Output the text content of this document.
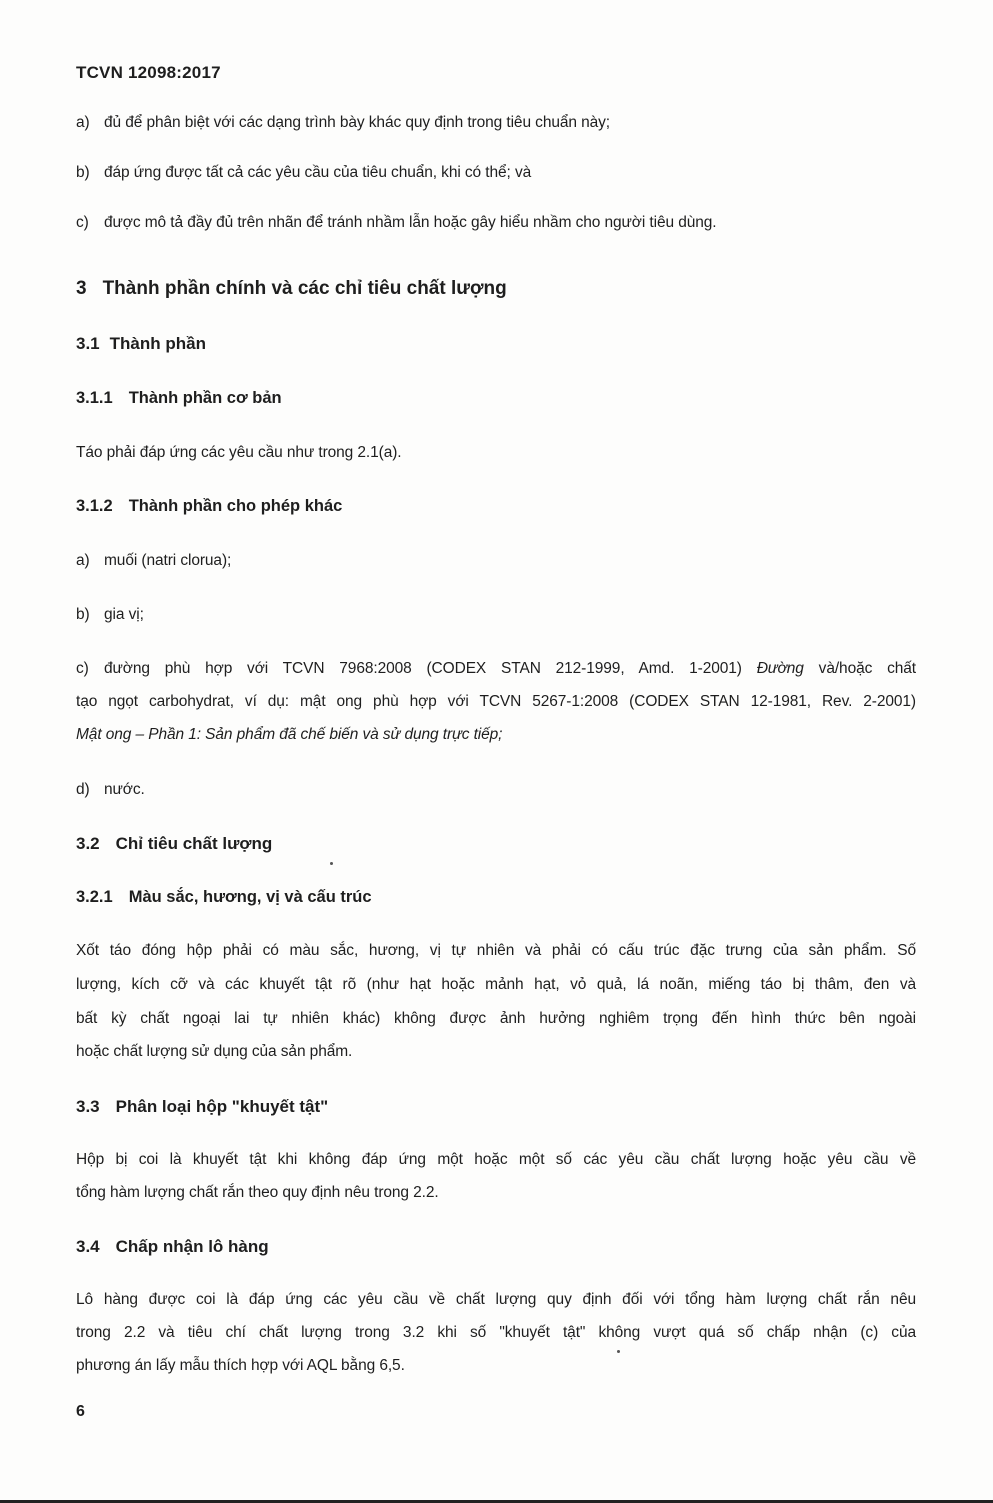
TCVN 12098:2017
a) đủ để phân biệt với các dạng trình bày khác quy định trong tiêu chuẩn này;
b) đáp ứng được tất cả các yêu cầu của tiêu chuẩn, khi có thể; và
c) được mô tả đầy đủ trên nhãn để tránh nhầm lẫn hoặc gây hiểu nhầm cho người tiêu dùng.
3 Thành phần chính và các chỉ tiêu chất lượng
3.1 Thành phần
3.1.1 Thành phần cơ bản
Táo phải đáp ứng các yêu cầu như trong 2.1(a).
3.1.2 Thành phần cho phép khác
a) muối (natri clorua);
b) gia vị;
c) đường phù hợp với TCVN 7968:2008 (CODEX STAN 212-1999, Amd. 1-2001) Đường và/hoặc chất
tạo ngọt carbohydrat, ví dụ: mật ong phù hợp với TCVN 5267-1:2008 (CODEX STAN 12-1981, Rev. 2-2001)
Mật ong – Phần 1: Sản phẩm đã chế biến và sử dụng trực tiếp;
d) nước.
3.2 Chỉ tiêu chất lượng
3.2.1 Màu sắc, hương, vị và cấu trúc
Xốt táo đóng hộp phải có màu sắc, hương, vị tự nhiên và phải có cấu trúc đặc trưng của sản phẩm. Số
lượng, kích cỡ và các khuyết tật rõ (như hạt hoặc mảnh hạt, vỏ quả, lá noãn, miếng táo bị thâm, đen và
bất kỳ chất ngoại lai tự nhiên khác) không được ảnh hưởng nghiêm trọng đến hình thức bên ngoài
hoặc chất lượng sử dụng của sản phẩm.
3.3 Phân loại hộp "khuyết tật"
Hộp bị coi là khuyết tật khi không đáp ứng một hoặc một số các yêu cầu chất lượng hoặc yêu cầu về
tổng hàm lượng chất rắn theo quy định nêu trong 2.2.
3.4 Chấp nhận lô hàng
Lô hàng được coi là đáp ứng các yêu cầu về chất lượng quy định đối với tổng hàm lượng chất rắn nêu
trong 2.2 và tiêu chí chất lượng trong 3.2 khi số "khuyết tật" không vượt quá số chấp nhận (c) của
phương án lấy mẫu thích hợp với AQL bằng 6,5.
6
